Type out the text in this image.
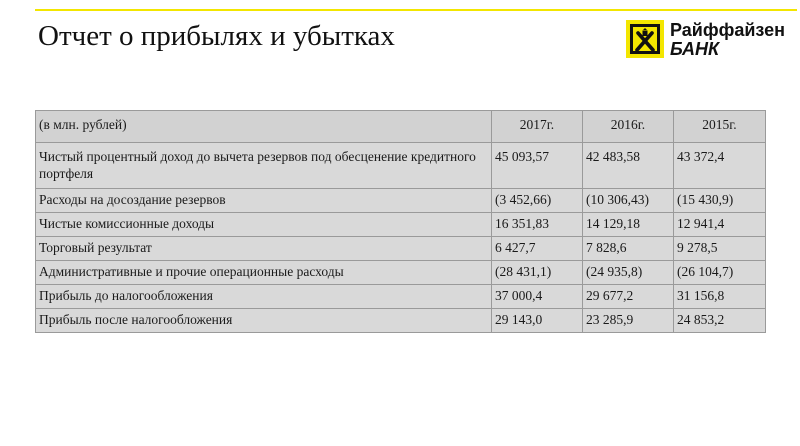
Отчет о прибылях и убытках	Райффайзен
БАНК
(в млн. рублей)	2017г.	2016г.	2015г.
Чистый процентный доход до вычета резервов под обесценение кредитного портфеля	45 093,57	42 483,58	43 372,4
Расходы на досоздание резервов	(3 452,66)	(10 306,43)	(15 430,9)
Чистые комиссионные доходы	16 351,83	14 129,18	12 941,4
Торговый результат	6 427,7	7 828,6	9 278,5
Административные и прочие операционные расходы	(28 431,1)	(24 935,8)	(26 104,7)
Прибыль до налогообложения	37 000,4	29 677,2	31 156,8
Прибыль после налогообложения	29 143,0	23 285,9	24 853,2
